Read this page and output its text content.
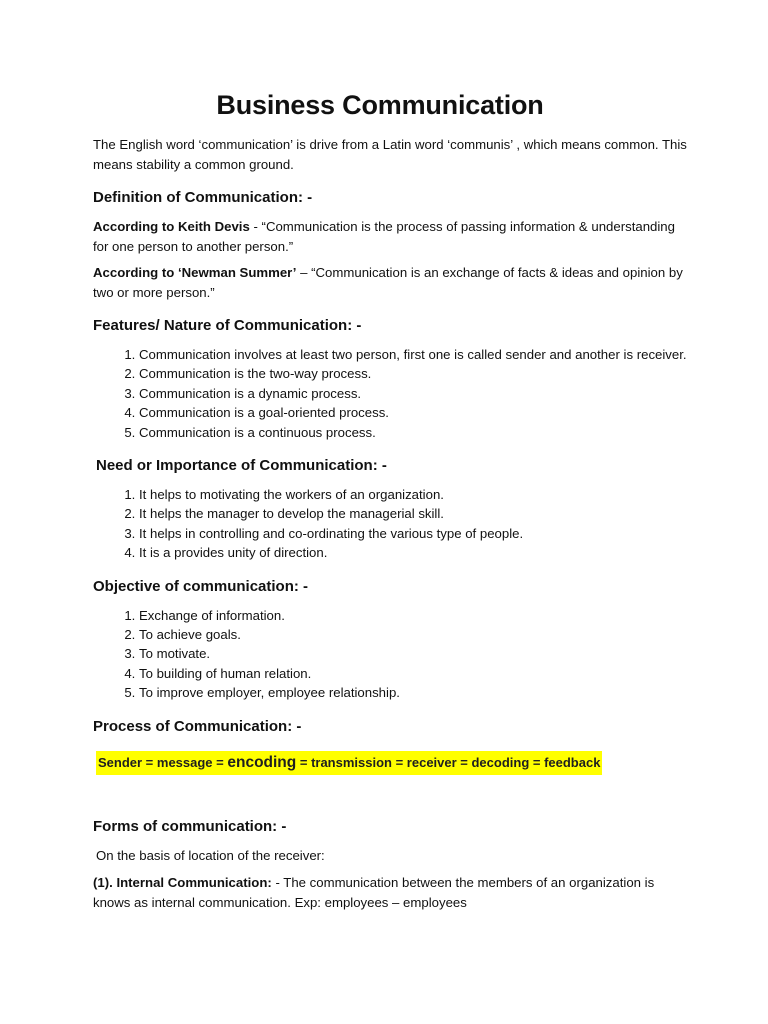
Business Communication

The English word ‘communication’ is drive from a Latin word ‘communis’ , which means common. This means stability a common ground.

Definition of Communication: -

According to Keith Devis - “Communication is the process of passing information & understanding for one person to another person.”

According to ‘Newman Summer’ – “Communication is an exchange of facts & ideas and opinion by two or more person.”

Features/ Nature of Communication: -
1. Communication involves at least two person, first one is called sender and another is receiver.
2. Communication is the two-way process.
3. Communication is a dynamic process.
4. Communication is a goal-oriented process.
5. Communication is a continuous process.
Need or Importance of Communication: -
1. It helps to motivating the workers of an organization.
2. It helps the manager to develop the managerial skill.
3. It helps in controlling and co-ordinating the various type of people.
4. It is a provides unity of direction.
Objective of communication: -
1. Exchange of information.
2. To achieve goals.
3. To motivate.
4. To building of human relation.
5. To improve employer, employee relationship.
Process of Communication: -
Sender = message = encoding = transmission = receiver = decoding = feedback
Forms of communication: -

On the basis of location of the receiver:

(1). Internal Communication: - The communication between the members of an organization is knows as internal communication. Exp: employees – employees
